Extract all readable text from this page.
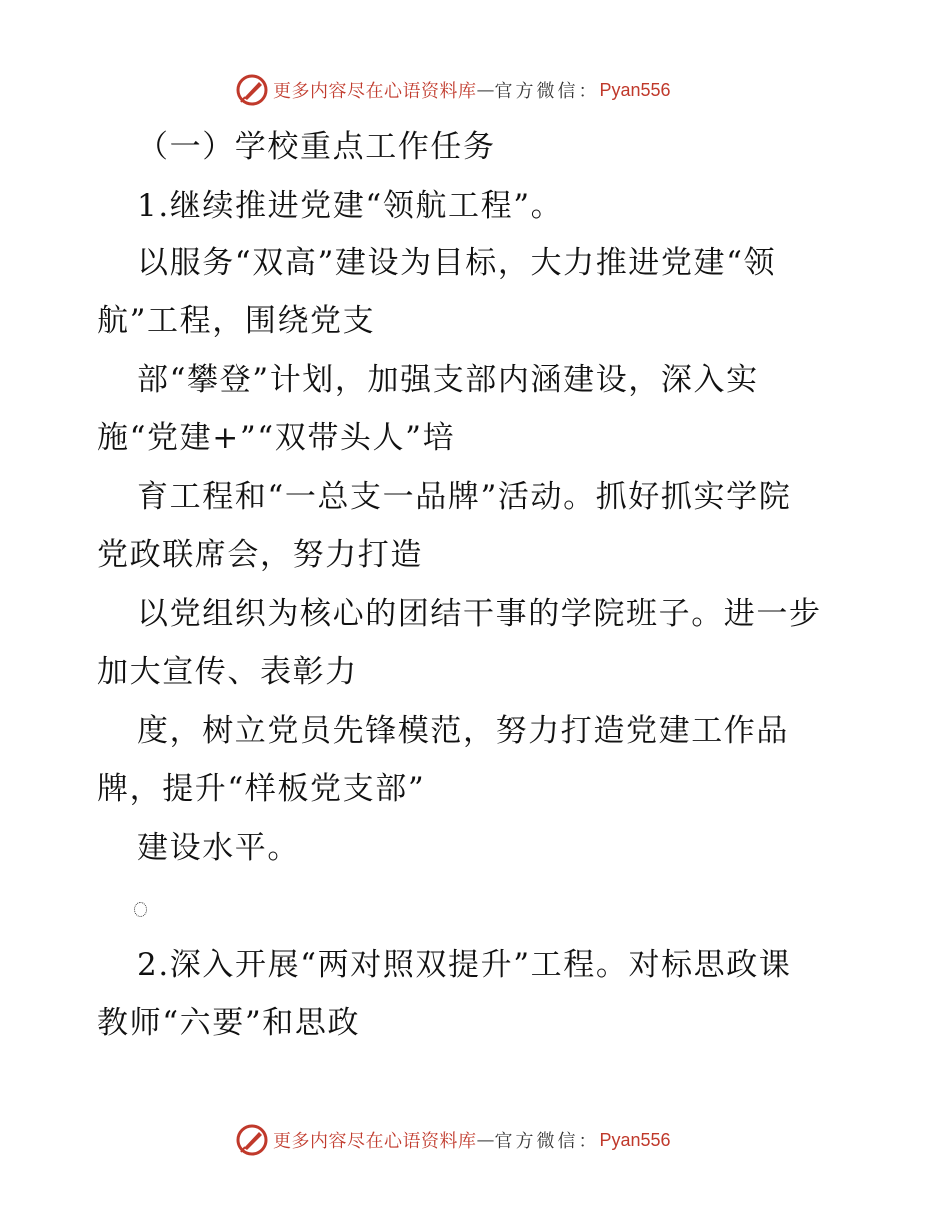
更多内容尽在心语资料库 — 官方微信： Pyan556
（一）学校重点工作任务
1.继续推进党建“领航工程”。
以服务“双高”建设为目标，大力推进党建“领
航”工程，围绕党支
部“攀登”计划，加强支部内涵建设，深入实
施“党建+”“双带头人”培
育工程和“一总支一品牌”活动。抓好抓实学院
党政联席会，努力打造
以党组织为核心的团结干事的学院班子。进一步
加大宣传、表彰力
度，树立党员先锋模范，努力打造党建工作品
牌，提升“样板党支部”
建设水平。
2.深入开展“两对照双提升”工程。对标思政课
教师“六要”和思政
更多内容尽在心语资料库 — 官方微信： Pyan556
